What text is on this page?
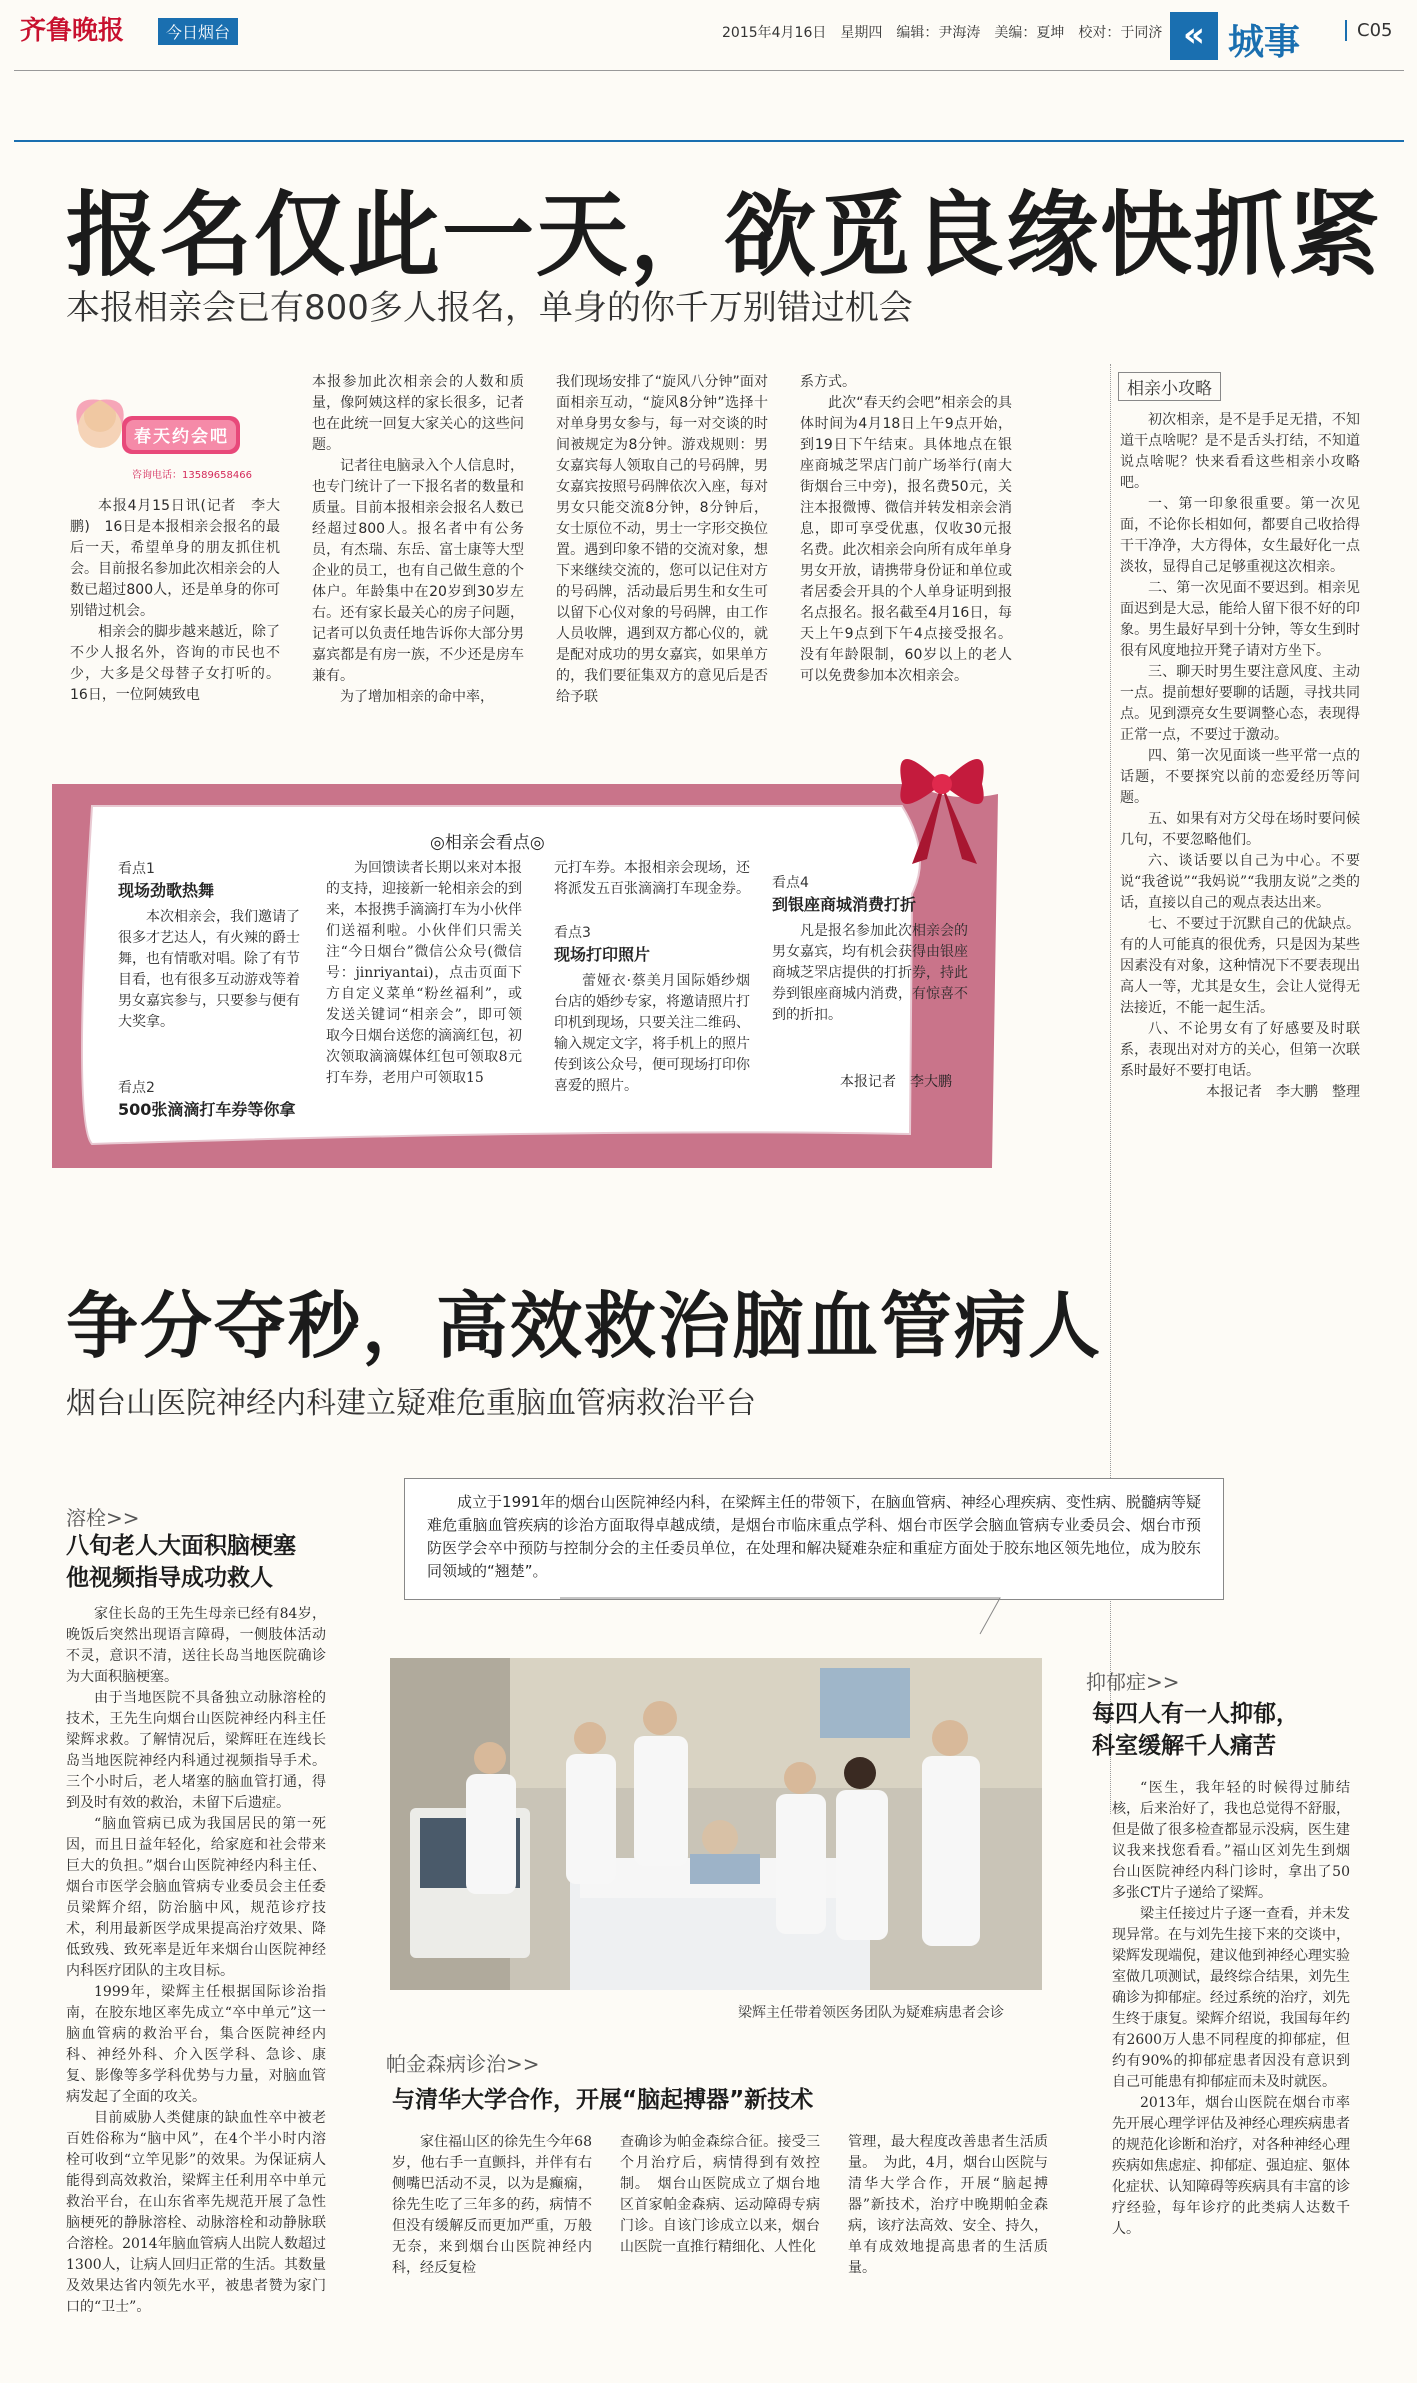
齐鲁晚报	今日烟台	2015年4月16日　星期四　编辑：尹海涛　美编：夏坤　校对：于同济 « 城事	C05
报名仅此一天，欲觅良缘快抓紧
本报相亲会已有800多人报名，单身的你千万别错过机会
春天约会吧
咨询电话：13589658466

本报4月15日讯(记者　李大鹏)　16日是本报相亲会报名的最后一天，希望单身的朋友抓住机会。目前报名参加此次相亲会的人数已超过800人，还是单身的你可别错过机会。

相亲会的脚步越来越近，除了不少人报名外，咨询的市民也不少，大多是父母替子女打听的。16日，一位阿姨致电

本报参加此次相亲会的人数和质量，像阿姨这样的家长很多，记者也在此统一回复大家关心的这些问题。

记者往电脑录入个人信息时，也专门统计了一下报名者的数量和质量。目前本报相亲会报名人数已经超过800人。报名者中有公务员，有杰瑞、东岳、富士康等大型企业的员工，也有自己做生意的个体户。年龄集中在20岁到30岁左右。还有家长最关心的房子问题，记者可以负责任地告诉你大部分男嘉宾都是有房一族，不少还是房车兼有。

为了增加相亲的命中率，

我们现场安排了“旋风八分钟”面对面相亲互动，“旋风8分钟”选择十对单身男女参与，每一对交谈的时间被规定为8分钟。游戏规则：男女嘉宾每人领取自己的号码牌，男女嘉宾按照号码牌依次入座，每对男女只能交流8分钟，8分钟后，女士原位不动，男士一字形交换位置。遇到印象不错的交流对象，想下来继续交流的，您可以记住对方的号码牌，活动最后男生和女生可以留下心仪对象的号码牌，由工作人员收牌，遇到双方都心仪的，就是配对成功的男女嘉宾，如果单方的，我们要征集双方的意见后是否给予联

系方式。

此次“春天约会吧”相亲会的具体时间为4月18日上午9点开始，到19日下午结束。具体地点在银座商城芝罘店门前广场举行(南大街烟台三中旁)，报名费50元，关注本报微博、微信并转发相亲会消息，即可享受优惠，仅收30元报名费。此次相亲会向所有成年单身男女开放，请携带身份证和单位或者居委会开具的个人单身证明到报名点报名。报名截至4月16日，每天上午9点到下午4点接受报名。没有年龄限制，60岁以上的老人可以免费参加本次相亲会。

相亲小攻略

初次相亲，是不是手足无措，不知道干点啥呢？是不是舌头打结，不知道说点啥呢？快来看看这些相亲小攻略吧。

一、第一印象很重要。第一次见面，不论你长相如何，都要自己收拾得干干净净，大方得体，女生最好化一点淡妆，显得自己足够重视这次相亲。

二、第一次见面不要迟到。相亲见面迟到是大忌，能给人留下很不好的印象。男生最好早到十分钟，等女生到时很有风度地拉开凳子请对方坐下。

三、聊天时男生要注意风度、主动一点。提前想好要聊的话题，寻找共同点。见到漂亮女生要调整心态，表现得正常一点，不要过于激动。

四、第一次见面谈一些平常一点的话题，不要探究以前的恋爱经历等问题。

五、如果有对方父母在场时要问候几句，不要忽略他们。

六、谈话要以自己为中心。不要说“我爸说”“我妈说”“我朋友说”之类的话，直接以自己的观点表达出来。

七、不要过于沉默自己的优缺点。有的人可能真的很优秀，只是因为某些因素没有对象，这种情况下不要表现出高人一等，尤其是女生，会让人觉得无法接近，不能一起生活。

八、不论男女有了好感要及时联系，表现出对对方的关心，但第一次联系时最好不要打电话。

本报记者　李大鹏　整理

◎相亲会看点◎
看点1
现场劲歌热舞

本次相亲会，我们邀请了很多才艺达人，有火辣的爵士舞，也有情歌对唱。除了有节目看，也有很多互动游戏等着男女嘉宾参与，只要参与便有大奖拿。

看点2
500张滴滴打车券等你拿

为回馈读者长期以来对本报的支持，迎接新一轮相亲会的到来，本报携手滴滴打车为小伙伴们送福利啦。小伙伴们只需关注“今日烟台”微信公众号(微信号：jinriyantai)，点击页面下方自定义菜单“粉丝福利”，或发送关键词“相亲会”，即可领取今日烟台送您的滴滴红包，初次领取滴滴媒体红包可领取8元打车券，老用户可领取15

元打车券。本报相亲会现场，还将派发五百张滴滴打车现金券。

看点3
现场打印照片

蕾娅衣·蔡美月国际婚纱烟台店的婚纱专家，将邀请照片打印机到现场，只要关注二维码、输入规定文字，将手机上的照片传到该公众号，便可现场打印你喜爱的照片。

看点4
到银座商城消费打折

凡是报名参加此次相亲会的男女嘉宾，均有机会获得由银座商城芝罘店提供的打折券，持此券到银座商城内消费，有惊喜不到的折扣。

本报记者　李大鹏
争分夺秒，高效救治脑血管病人
烟台山医院神经内科建立疑难危重脑血管病救治平台
成立于1991年的烟台山医院神经内科，在梁辉主任的带领下，在脑血管病、神经心理疾病、变性病、脱髓病等疑难危重脑血管疾病的诊治方面取得卓越成绩，是烟台市临床重点学科、烟台市医学会脑血管病专业委员会、烟台市预防医学会卒中预防与控制分会的主任委员单位，在处理和解决疑难杂症和重症方面处于胶东地区领先地位，成为胶东同领域的“翘楚”。
溶栓>>
八旬老人大面积脑梗塞
他视频指导成功救人

家住长岛的王先生母亲已经有84岁，晚饭后突然出现语言障碍，一侧肢体活动不灵，意识不清，送往长岛当地医院确诊为大面积脑梗塞。

由于当地医院不具备独立动脉溶栓的技术，王先生向烟台山医院神经内科主任梁辉求救。了解情况后，梁辉旺在连线长岛当地医院神经内科通过视频指导手术。三个小时后，老人堵塞的脑血管打通，得到及时有效的救治，未留下后遗症。

“脑血管病已成为我国居民的第一死因，而且日益年轻化，给家庭和社会带来巨大的负担。”烟台山医院神经内科主任、烟台市医学会脑血管病专业委员会主任委员梁辉介绍，防治脑中风，规范诊疗技术，利用最新医学成果提高治疗效果、降低致残、致死率是近年来烟台山医院神经内科医疗团队的主攻目标。

1999年，梁辉主任根据国际诊治指南，在胶东地区率先成立“卒中单元”这一脑血管病的救治平台，集合医院神经内科、神经外科、介入医学科、急诊、康复、影像等多学科优势与力量，对脑血管病发起了全面的攻关。

目前威胁人类健康的缺血性卒中被老百姓俗称为“脑中风”，在4个半小时内溶栓可收到“立竿见影”的效果。为保证病人能得到高效救治，梁辉主任利用卒中单元救治平台，在山东省率先规范开展了急性脑梗死的静脉溶栓、动脉溶栓和动静脉联合溶栓。2014年脑血管病人出院人数超过1300人，让病人回归正常的生活。其数量及效果达省内领先水平，被患者赞为家门口的“卫士”。

梁辉主任带着领医务团队为疑难病患者会诊
抑郁症>>
每四人有一人抑郁，
科室缓解千人痛苦

“医生，我年轻的时候得过肺结核，后来治好了，我也总觉得不舒服，但是做了很多检查都显示没病，医生建议我来找您看看。”福山区刘先生到烟台山医院神经内科门诊时，拿出了50多张CT片子递给了梁辉。

梁主任接过片子逐一查看，并未发现异常。在与刘先生接下来的交谈中，梁辉发现端倪，建议他到神经心理实验室做几项测试，最终综合结果，刘先生确诊为抑郁症。经过系统的治疗，刘先生终于康复。梁辉介绍说，我国每年约有2600万人患不同程度的抑郁症，但约有90%的抑郁症患者因没有意识到自己可能患有抑郁症而未及时就医。

2013年，烟台山医院在烟台市率先开展心理学评估及神经心理疾病患者的规范化诊断和治疗，对各种神经心理疾病如焦虑症、抑郁症、强迫症、躯体化症状、认知障碍等疾病具有丰富的诊疗经验，每年诊疗的此类病人达数千人。

帕金森病诊治>>
与清华大学合作，开展“脑起搏器”新技术

家住福山区的徐先生今年68岁，他右手一直颤抖，并伴有右侧嘴巴活动不灵，以为是癫痫，徐先生吃了三年多的药，病情不但没有缓解反而更加严重，万般无奈，来到烟台山医院神经内科，经反复检

查确诊为帕金森综合征。接受三个月治疗后，病情得到有效控制。　烟台山医院成立了烟台地区首家帕金森病、运动障碍专病门诊。自该门诊成立以来，烟台山医院一直推行精细化、人性化

管理，最大程度改善患者生活质量。　为此，4月，烟台山医院与清华大学合作，开展“脑起搏器”新技术，治疗中晚期帕金森病，该疗法高效、安全、持久，单有成效地提高患者的生活质量。
